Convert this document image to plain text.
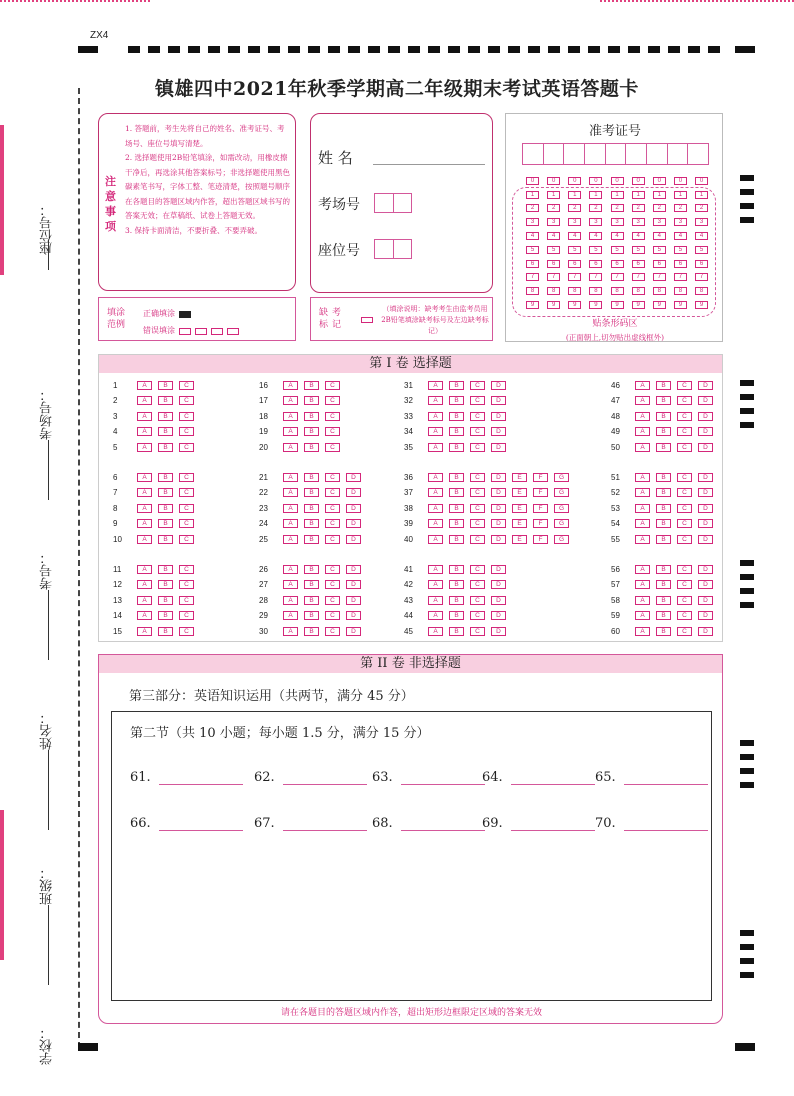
ZX4
镇雄四中2021年秋季学期高二年级期末考试英语答题卡
座位号：
考场号：
考号：
姓名：
班级：
学校：
注意事项

1. 答题前，考生先将自己的姓名、准考证号、考场号、座位号填写清楚。

2. 选择题使用2B铅笔填涂，如需改动，用橡皮擦干净后，再选涂其他答案标号；非选择题使用黑色碳素笔书写，字体工整、笔迹清楚，按照题号顺序在各题目的答题区域内作答，超出答题区域书写的答案无效；在草稿纸、试卷上答题无效。

3. 保持卡面清洁，不要折叠、不要弄破。

填涂范例
正确填涂
错误填涂
姓 名
考场号
座位号
缺考标记
（填涂说明：缺考考生由监考员用2B铅笔填涂缺考标号及左边缺考标记）
准考证号
0	0	0	0	0	0	0	0	0
1	1	1	1	1	1	1	1	1
2	2	2	2	2	2	2	2	2
3	3	3	3	3	3	3	3	3
4	4	4	4	4	4	4	4	4
5	5	5	5	5	5	5	5	5
6	6	6	6	6	6	6	6	6
7	7	7	7	7	7	7	7	7
8	8	8	8	8	8	8	8	8
9	9	9	9	9	9	9	9	9
贴条形码区
(正面朝上,切勿贴出虚线框外)
第 I 卷 选择题
1	A	B	C
2	A	B	C
3	A	B	C
4	A	B	C
5	A	B	C
16	A	B	C
17	A	B	C
18	A	B	C
19	A	B	C
20	A	B	C
31	A	B	C	D
32	A	B	C	D
33	A	B	C	D
34	A	B	C	D
35	A	B	C	D
46	A	B	C	D
47	A	B	C	D
48	A	B	C	D
49	A	B	C	D
50	A	B	C	D
6	A	B	C
7	A	B	C
8	A	B	C
9	A	B	C
10	A	B	C
21	A	B	C	D
22	A	B	C	D
23	A	B	C	D
24	A	B	C	D
25	A	B	C	D
36	A	B	C	D	E	F	G
37	A	B	C	D	E	F	G
38	A	B	C	D	E	F	G
39	A	B	C	D	E	F	G
40	A	B	C	D	E	F	G
51	A	B	C	D
52	A	B	C	D
53	A	B	C	D
54	A	B	C	D
55	A	B	C	D
11	A	B	C
12	A	B	C
13	A	B	C
14	A	B	C
15	A	B	C
26	A	B	C	D
27	A	B	C	D
28	A	B	C	D
29	A	B	C	D
30	A	B	C	D
41	A	B	C	D
42	A	B	C	D
43	A	B	C	D
44	A	B	C	D
45	A	B	C	D
56	A	B	C	D
57	A	B	C	D
58	A	B	C	D
59	A	B	C	D
60	A	B	C	D
第 II 卷 非选择题
第三部分：英语知识运用（共两节，满分 45 分）
第二节（共 10 小题；每小题 1.5 分，满分 15 分）
61.	62.	63.	64.	65.
66.	67.	68.	69.	70.
请在各题目的答题区域内作答，超出矩形边框限定区域的答案无效
